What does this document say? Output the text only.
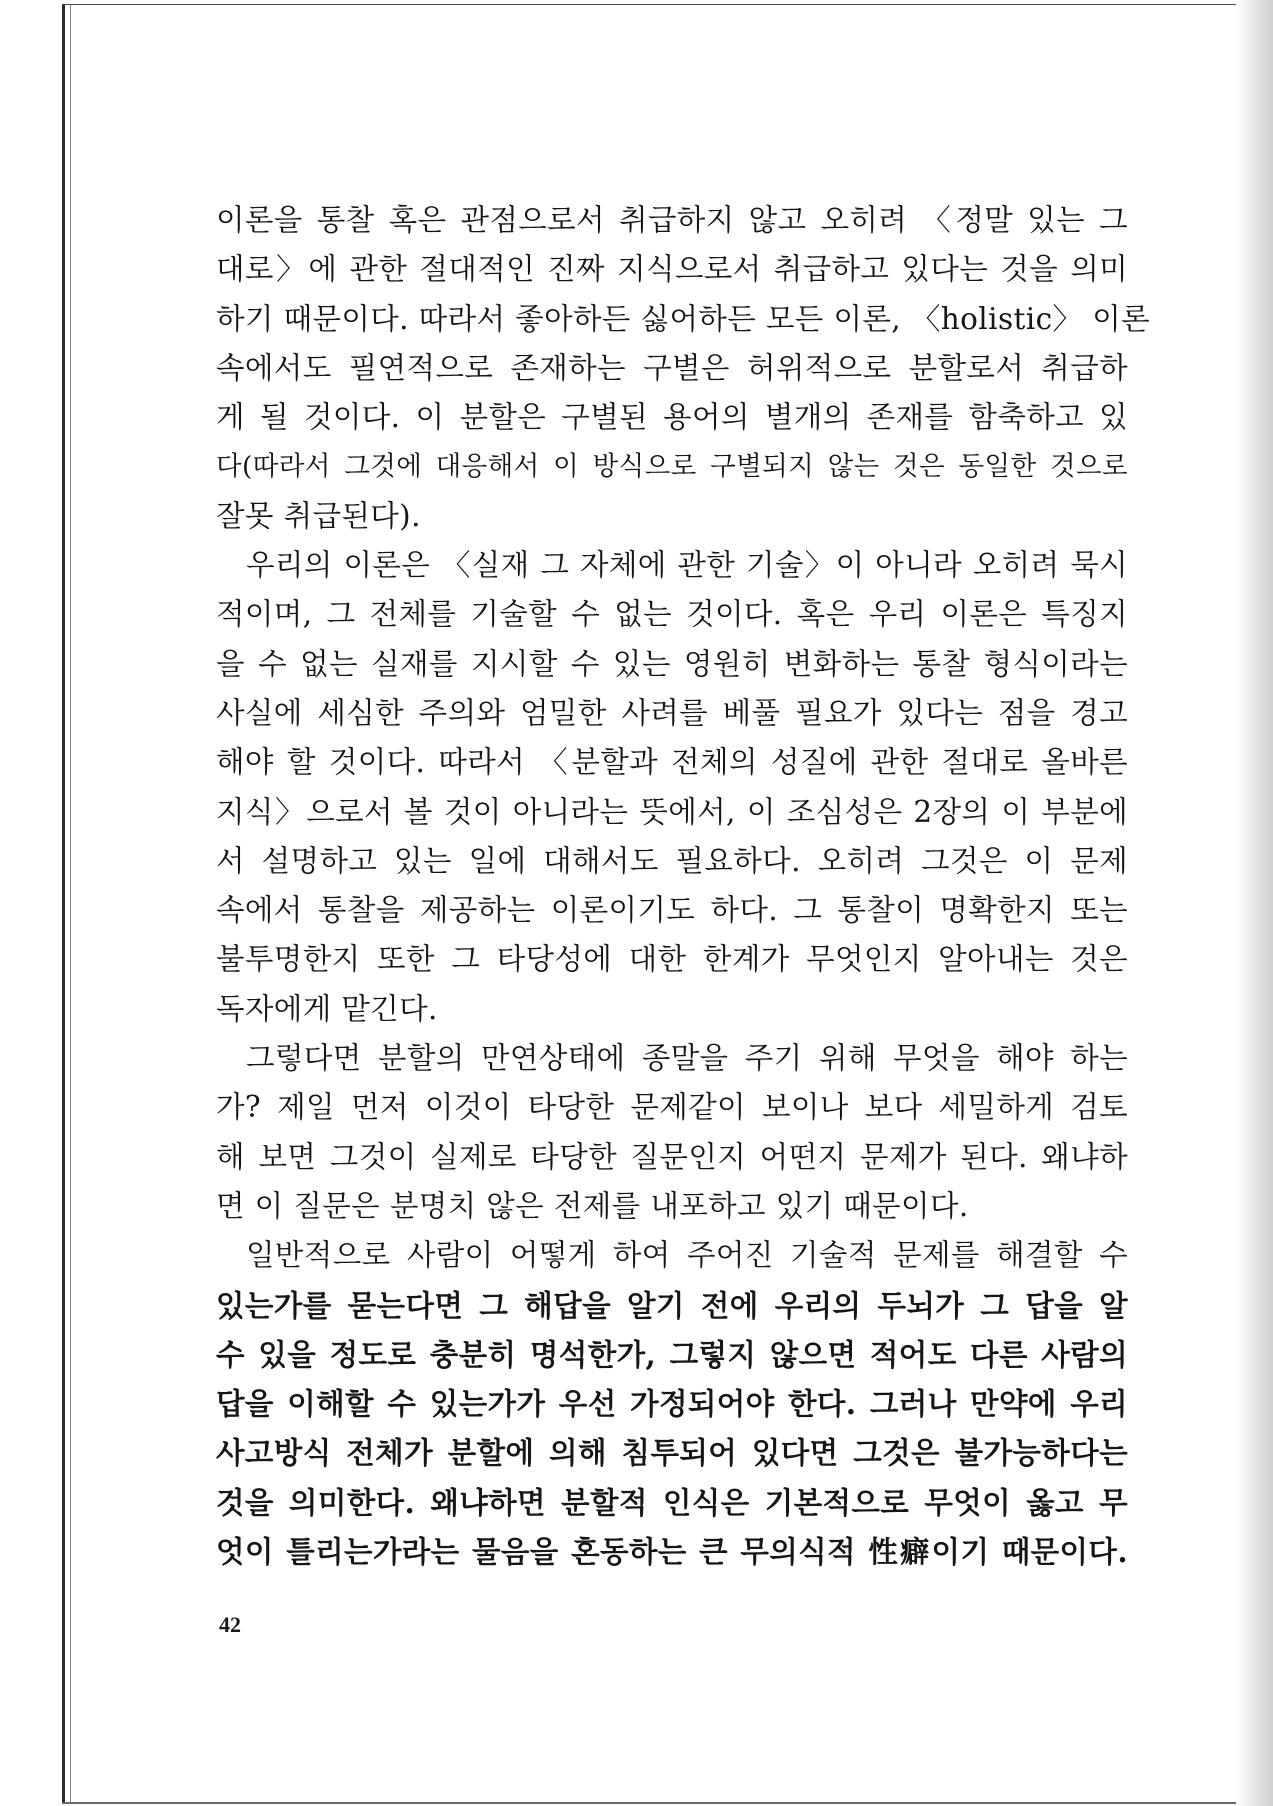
이론을 통찰 혹은 관점으로서 취급하지 않고 오히려 〈정말 있는 그
대로〉에 관한 절대적인 진짜 지식으로서 취급하고 있다는 것을 의미
하기 때문이다. 따라서 좋아하든 싫어하든 모든 이론, 〈holistic〉 이론
속에서도 필연적으로 존재하는 구별은 허위적으로 분할로서 취급하
게 될 것이다. 이 분할은 구별된 용어의 별개의 존재를 함축하고 있
다(따라서 그것에 대응해서 이 방식으로 구별되지 않는 것은 동일한 것으로
잘못 취급된다).
우리의 이론은 〈실재 그 자체에 관한 기술〉이 아니라 오히려 묵시
적이며, 그 전체를 기술할 수 없는 것이다. 혹은 우리 이론은 특징지
을 수 없는 실재를 지시할 수 있는 영원히 변화하는 통찰 형식이라는
사실에 세심한 주의와 엄밀한 사려를 베풀 필요가 있다는 점을 경고
해야 할 것이다. 따라서 〈분할과 전체의 성질에 관한 절대로 올바른
지식〉으로서 볼 것이 아니라는 뜻에서, 이 조심성은 2장의 이 부분에
서 설명하고 있는 일에 대해서도 필요하다. 오히려 그것은 이 문제
속에서 통찰을 제공하는 이론이기도 하다. 그 통찰이 명확한지 또는
불투명한지 또한 그 타당성에 대한 한계가 무엇인지 알아내는 것은
독자에게 맡긴다.
그렇다면 분할의 만연상태에 종말을 주기 위해 무엇을 해야 하는
가? 제일 먼저 이것이 타당한 문제같이 보이나 보다 세밀하게 검토
해 보면 그것이 실제로 타당한 질문인지 어떤지 문제가 된다. 왜냐하
면 이 질문은 분명치 않은 전제를 내포하고 있기 때문이다.
일반적으로 사람이 어떻게 하여 주어진 기술적 문제를 해결할 수
있는가를 묻는다면 그 해답을 알기 전에 우리의 두뇌가 그 답을 알
수 있을 정도로 충분히 명석한가, 그렇지 않으면 적어도 다른 사람의
답을 이해할 수 있는가가 우선 가정되어야 한다. 그러나 만약에 우리
사고방식 전체가 분할에 의해 침투되어 있다면 그것은 불가능하다는
것을 의미한다. 왜냐하면 분할적 인식은 기본적으로 무엇이 옳고 무
엇이 틀리는가라는 물음을 혼동하는 큰 무의식적 性癖이기 때문이다.
42
